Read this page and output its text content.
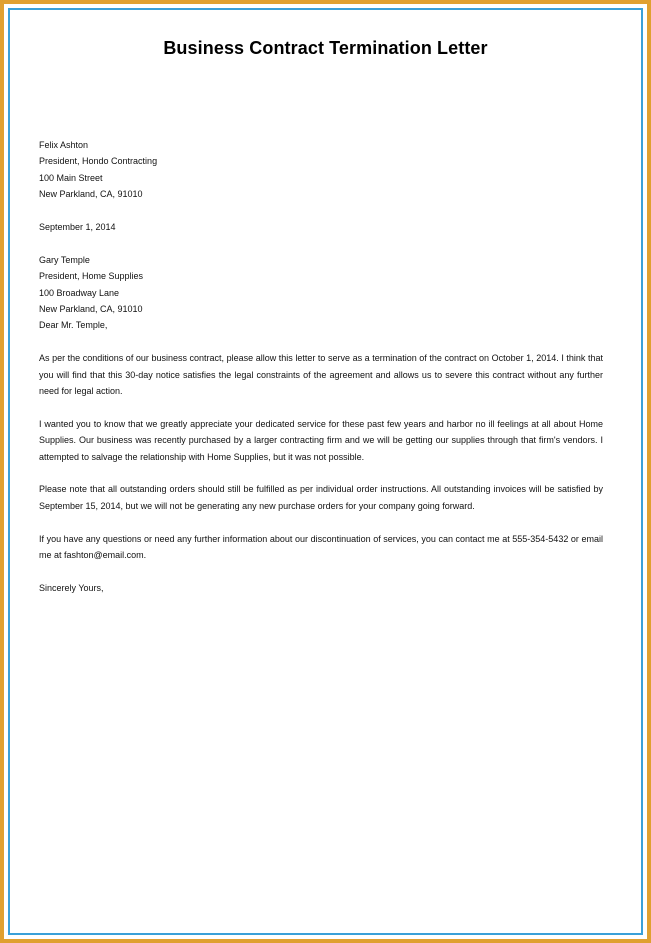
Business Contract Termination Letter
Felix Ashton
President, Hondo Contracting
100 Main Street
New Parkland, CA, 91010
September 1, 2014
Gary Temple
President, Home Supplies
100 Broadway Lane
New Parkland, CA, 91010
Dear Mr. Temple,

As per the conditions of our business contract, please allow this letter to serve as a termination of the contract on October 1, 2014. I think that you will find that this 30-day notice satisfies the legal constraints of the agreement and allows us to severe this contract without any further need for legal action.

I wanted you to know that we greatly appreciate your dedicated service for these past few years and harbor no ill feelings at all about Home Supplies. Our business was recently purchased by a larger contracting firm and we will be getting our supplies through that firm's vendors. I attempted to salvage the relationship with Home Supplies, but it was not possible.

Please note that all outstanding orders should still be fulfilled as per individual order instructions. All outstanding invoices will be satisfied by September 15, 2014, but we will not be generating any new purchase orders for your company going forward.

If you have any questions or need any further information about our discontinuation of services, you can contact me at 555-354-5432 or email me at fashton@email.com.

Sincerely Yours,
